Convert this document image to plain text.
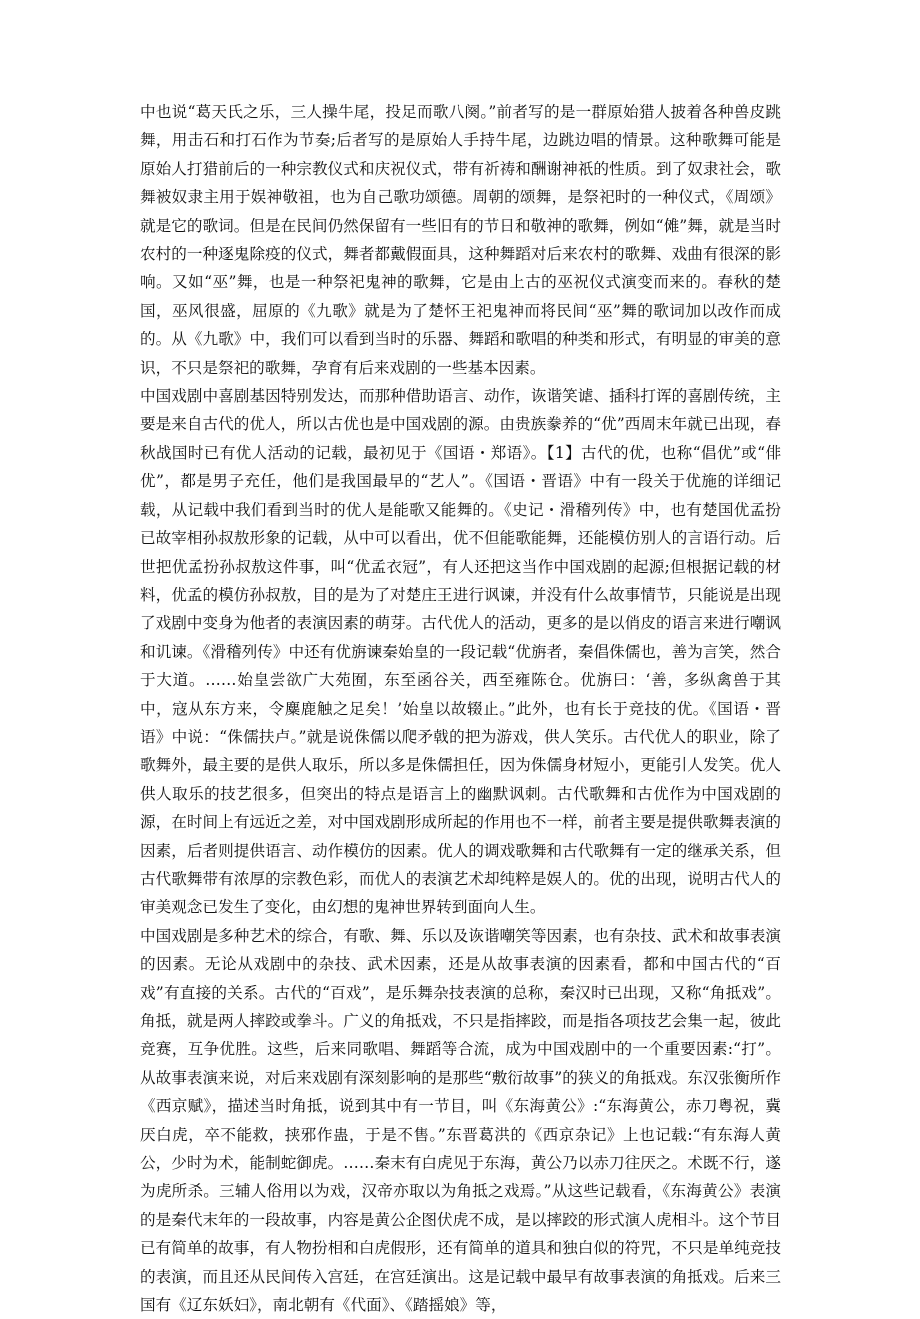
中也说“葛天氏之乐，三人操牛尾，投足而歌八阕。”前者写的是一群原始猎人披着各种兽皮跳舞，用击石和打石作为节奏;后者写的是原始人手持牛尾，边跳边唱的情景。这种歌舞可能是原始人打猎前后的一种宗教仪式和庆祝仪式，带有祈祷和酬谢神祇的性质。到了奴隶社会，歌舞被奴隶主用于娱神敬祖，也为自己歌功颂德。周朝的颂舞，是祭祀时的一种仪式，《周颂》就是它的歌词。但是在民间仍然保留有一些旧有的节日和敬神的歌舞，例如“傩”舞，就是当时农村的一种逐鬼除疫的仪式，舞者都戴假面具，这种舞蹈对后来农村的歌舞、戏曲有很深的影响。又如“巫”舞，也是一种祭祀鬼神的歌舞，它是由上古的巫祝仪式演变而来的。春秋的楚国，巫风很盛，屈原的《九歌》就是为了楚怀王祀鬼神而将民间“巫”舞的歌词加以改作而成的。从《九歌》中，我们可以看到当时的乐器、舞蹈和歌唱的种类和形式，有明显的审美的意识，不只是祭祀的歌舞，孕育有后来戏剧的一些基本因素。

中国戏剧中喜剧基因特别发达，而那种借助语言、动作，诙谐笑谑、插科打诨的喜剧传统，主要是来自古代的优人，所以古优也是中国戏剧的源。由贵族豢养的“优”西周末年就已出现，春秋战国时已有优人活动的记载，最初见于《国语・郑语》。【1】古代的优，也称“倡优”或“俳优”，都是男子充任，他们是我国最早的“艺人”。《国语・晋语》中有一段关于优施的详细记载，从记载中我们看到当时的优人是能歌又能舞的。《史记・滑稽列传》中，也有楚国优孟扮已故宰相孙叔敖形象的记载，从中可以看出，优不但能歌能舞，还能模仿别人的言语行动。后世把优孟扮孙叔敖这件事，叫“优孟衣冠”，有人还把这当作中国戏剧的起源;但根据记载的材料，优孟的模仿孙叔敖，目的是为了对楚庄王进行讽谏，并没有什么故事情节，只能说是出现了戏剧中变身为他者的表演因素的萌芽。古代优人的活动，更多的是以俏皮的语言来进行嘲讽和讥谏。《滑稽列传》中还有优旃谏秦始皇的一段记载“优旃者，秦倡侏儒也，善为言笑，然合于大道。……始皇尝欲广大苑囿，东至函谷关，西至雍陈仓。优旃曰：‘善，多纵禽兽于其中，寇从东方来，令麋鹿触之足矣！’始皇以故辍止。”此外，也有长于竞技的优。《国语・晋语》中说：“侏儒扶卢。”就是说侏儒以爬矛戟的把为游戏，供人笑乐。古代优人的职业，除了歌舞外，最主要的是供人取乐，所以多是侏儒担任，因为侏儒身材短小，更能引人发笑。优人供人取乐的技艺很多，但突出的特点是语言上的幽默讽刺。古代歌舞和古优作为中国戏剧的源，在时间上有远近之差，对中国戏剧形成所起的作用也不一样，前者主要是提供歌舞表演的因素，后者则提供语言、动作模仿的因素。优人的调戏歌舞和古代歌舞有一定的继承关系，但古代歌舞带有浓厚的宗教色彩，而优人的表演艺术却纯粹是娱人的。优的出现，说明古代人的审美观念已发生了变化，由幻想的鬼神世界转到面向人生。

中国戏剧是多种艺术的综合，有歌、舞、乐以及诙谐嘲笑等因素，也有杂技、武术和故事表演的因素。无论从戏剧中的杂技、武术因素，还是从故事表演的因素看，都和中国古代的“百戏”有直接的关系。古代的“百戏”，是乐舞杂技表演的总称，秦汉时已出现，又称“角抵戏”。角抵，就是两人摔跤或拳斗。广义的角抵戏，不只是指摔跤，而是指各项技艺会集一起，彼此竞赛，互争优胜。这些，后来同歌唱、舞蹈等合流，成为中国戏剧中的一个重要因素:“打”。从故事表演来说，对后来戏剧有深刻影响的是那些“敷衍故事”的狭义的角抵戏。东汉张衡所作《西京赋》，描述当时角抵，说到其中有一节目，叫《东海黄公》:“东海黄公，赤刀粤祝，冀厌白虎，卒不能救，挟邪作蛊，于是不售。”东晋葛洪的《西京杂记》上也记载:“有东海人黄公，少时为术，能制蛇御虎。……秦末有白虎见于东海，黄公乃以赤刀往厌之。术既不行，遂为虎所杀。三辅人俗用以为戏，汉帝亦取以为角抵之戏焉。”从这些记载看，《东海黄公》表演的是秦代末年的一段故事，内容是黄公企图伏虎不成，是以摔跤的形式演人虎相斗。这个节目已有简单的故事，有人物扮相和白虎假形，还有简单的道具和独白似的符咒，不只是单纯竞技的表演，而且还从民间传入宫廷，在宫廷演出。这是记载中最早有故事表演的角抵戏。后来三国有《辽东妖妇》，南北朝有《代面》、《踏摇娘》等，
